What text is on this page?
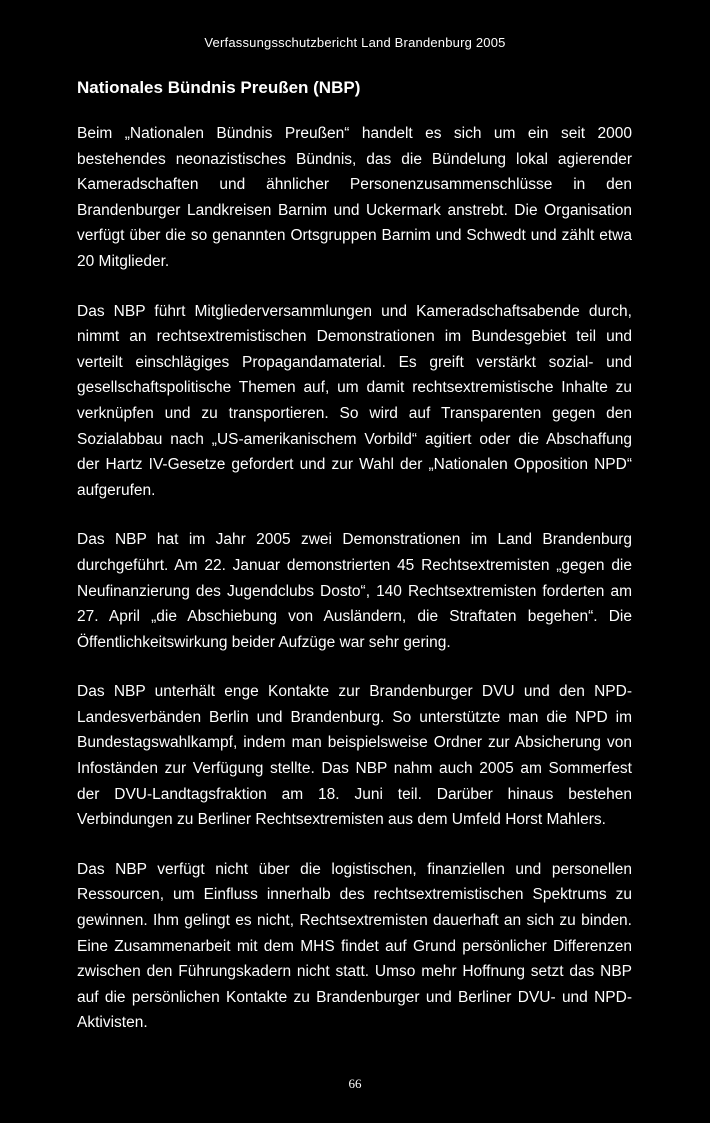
Verfassungsschutzbericht Land Brandenburg 2005
Nationales Bündnis Preußen (NBP)

Beim „Nationalen Bündnis Preußen“ handelt es sich um ein seit 2000 bestehendes neonazistisches Bündnis, das die Bündelung lokal agierender Kameradschaften und ähnlicher Personenzusammenschlüsse in den Brandenburger Landkreisen Barnim und Uckermark anstrebt. Die Organisation verfügt über die so genannten Ortsgruppen Barnim und Schwedt und zählt etwa 20 Mitglieder.

Das NBP führt Mitgliederversammlungen und Kameradschaftsabende durch, nimmt an rechtsextremistischen Demonstrationen im Bundesgebiet teil und verteilt einschlägiges Propagandamaterial. Es greift verstärkt sozial- und gesellschaftspolitische Themen auf, um damit rechtsextremistische Inhalte zu verknüpfen und zu transportieren. So wird auf Transparenten gegen den Sozialabbau nach „US-amerikanischem Vorbild“ agitiert oder die Abschaffung der Hartz IV-Gesetze gefordert und zur Wahl der „Nationalen Opposition NPD“ aufgerufen.

Das NBP hat im Jahr 2005 zwei Demonstrationen im Land Brandenburg durchgeführt. Am 22. Januar demonstrierten 45 Rechtsextremisten „gegen die Neufinanzierung des Jugendclubs Dosto“, 140 Rechtsextremisten forderten am 27. April „die Abschiebung von Ausländern, die Straftaten begehen“. Die Öffentlichkeitswirkung beider Aufzüge war sehr gering.

Das NBP unterhält enge Kontakte zur Brandenburger DVU und den NPD-Landesverbänden Berlin und Brandenburg. So unterstützte man die NPD im Bundestagswahlkampf, indem man beispielsweise Ordner zur Absicherung von Infoständen zur Verfügung stellte. Das NBP nahm auch 2005 am Sommerfest der DVU-Landtagsfraktion am 18. Juni teil. Darüber hinaus bestehen Verbindungen zu Berliner Rechtsextremisten aus dem Umfeld Horst Mahlers.

Das NBP verfügt nicht über die logistischen, finanziellen und personellen Ressourcen, um Einfluss innerhalb des rechtsextremistischen Spektrums zu gewinnen. Ihm gelingt es nicht, Rechtsextremisten dauerhaft an sich zu binden. Eine Zusammenarbeit mit dem MHS findet auf Grund persönlicher Differenzen zwischen den Führungskadern nicht statt. Umso mehr Hoffnung setzt das NBP auf die persönlichen Kontakte zu Brandenburger und Berliner DVU- und NPD-Aktivisten.

66
